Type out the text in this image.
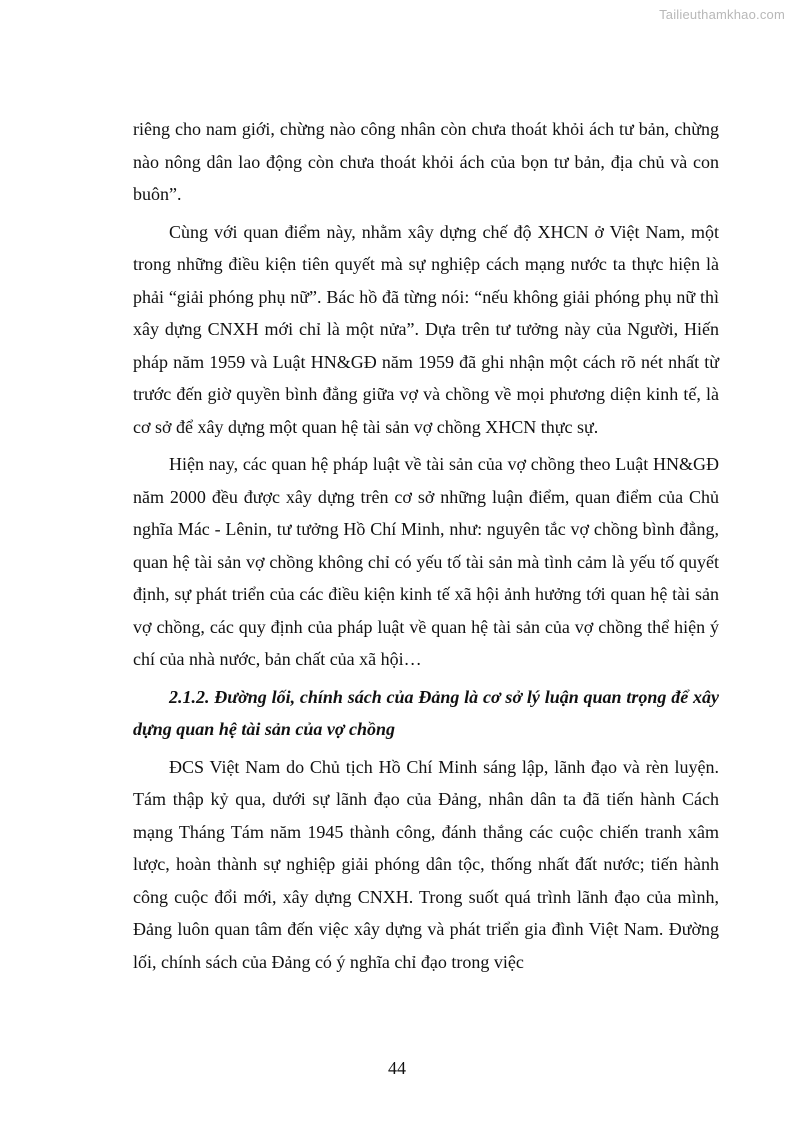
Tailieuthamkhao.com

riêng cho nam giới, chừng nào công nhân còn chưa thoát khỏi ách tư bản, chừng nào nông dân lao động còn chưa thoát khỏi ách của bọn tư bản, địa chủ và con buôn”.

Cùng với quan điểm này, nhằm xây dựng chế độ XHCN ở Việt Nam, một trong những điều kiện tiên quyết mà sự nghiệp cách mạng nước ta thực hiện là phải “giải phóng phụ nữ”. Bác hồ đã từng nói: “nếu không giải phóng phụ nữ thì xây dựng CNXH mới chỉ là một nửa”. Dựa trên tư tưởng này của Người, Hiến pháp năm 1959 và Luật HN&GĐ năm 1959 đã ghi nhận một cách rõ nét nhất từ trước đến giờ quyền bình đẳng giữa vợ và chồng về mọi phương diện kinh tế, là cơ sở để xây dựng một quan hệ tài sản vợ chồng XHCN thực sự.

Hiện nay, các quan hệ pháp luật về tài sản của vợ chồng theo Luật HN&GĐ năm 2000 đều được xây dựng trên cơ sở những luận điểm, quan điểm của Chủ nghĩa Mác - Lênin, tư tưởng Hồ Chí Minh, như: nguyên tắc vợ chồng bình đẳng, quan hệ tài sản vợ chồng không chỉ có yếu tố tài sản mà tình cảm là yếu tố quyết định, sự phát triển của các điều kiện kinh tế xã hội ảnh hưởng tới quan hệ tài sản vợ chồng, các quy định của pháp luật về quan hệ tài sản của vợ chồng thể hiện ý chí của nhà nước, bản chất của xã hội…

2.1.2. Đường lối, chính sách của Đảng là cơ sở lý luận quan trọng để xây dựng quan hệ tài sản của vợ chồng

ĐCS Việt Nam do Chủ tịch Hồ Chí Minh sáng lập, lãnh đạo và rèn luyện. Tám thập kỷ qua, dưới sự lãnh đạo của Đảng, nhân dân ta đã tiến hành Cách mạng Tháng Tám năm 1945 thành công, đánh thắng các cuộc chiến tranh xâm lược, hoàn thành sự nghiệp giải phóng dân tộc, thống nhất đất nước; tiến hành công cuộc đổi mới, xây dựng CNXH. Trong suốt quá trình lãnh đạo của mình, Đảng luôn quan tâm đến việc xây dựng và phát triển gia đình Việt Nam. Đường lối, chính sách của Đảng có ý nghĩa chỉ đạo trong việc

44
